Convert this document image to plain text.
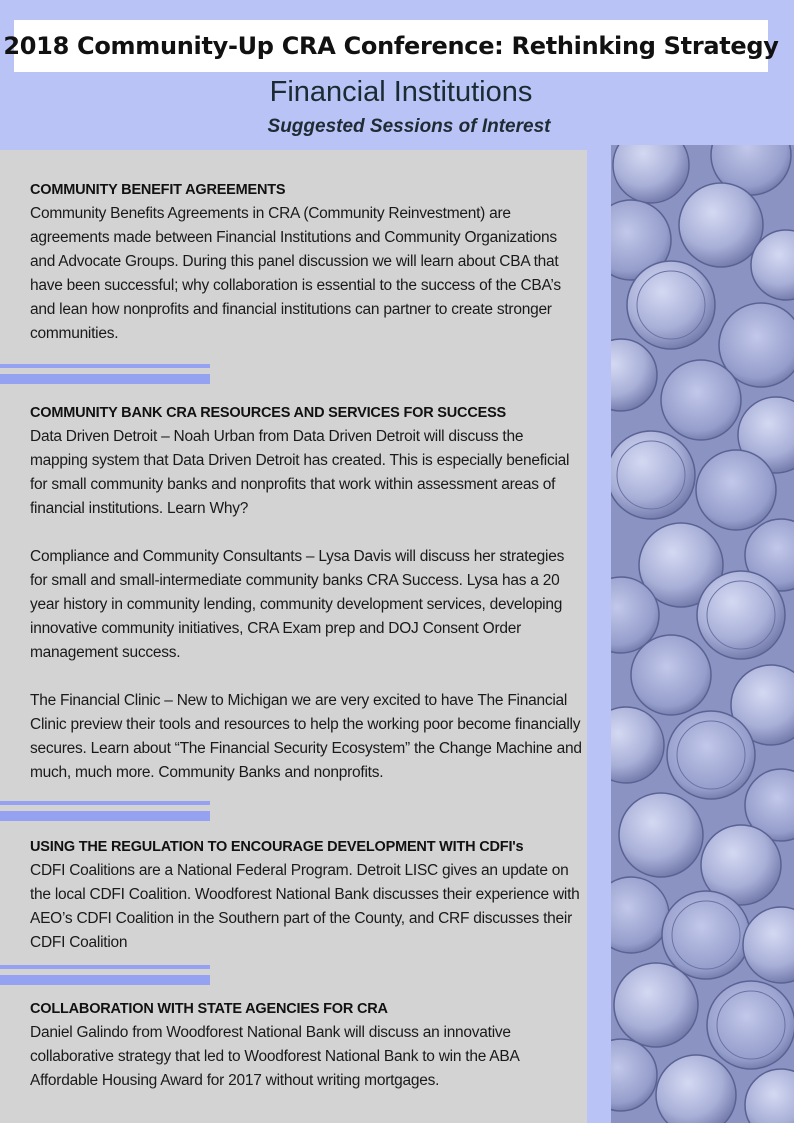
2018 Community-Up CRA Conference: Rethinking Strategy
Financial Institutions
Suggested Sessions of Interest

COMMUNITY BENEFIT AGREEMENTS

Community Benefits Agreements in CRA (Community Reinvestment) are agreements made between Financial Institutions and Community Organizations and Advocate Groups. During this panel discussion we will learn about CBA that have been successful; why collaboration is essential to the success of the CBA’s and lean how nonprofits and financial institutions can partner to create stronger communities.

COMMUNITY BANK CRA RESOURCES AND SERVICES FOR SUCCESS

Data Driven Detroit – Noah Urban from Data Driven Detroit will discuss the mapping system that Data Driven Detroit has created. This is especially beneficial for small community banks and nonprofits that work within assessment areas of financial institutions. Learn Why?

Compliance and Community Consultants – Lysa Davis will discuss her strategies for small and small-intermediate community banks CRA Success. Lysa has a 20 year history in community lending, community development services, developing innovative community initiatives, CRA Exam prep and DOJ Consent Order management success.

The Financial Clinic – New to Michigan we are very excited to have The Financial Clinic preview their tools and resources to help the working poor become financially secures. Learn about “The Financial Security Ecosystem” the Change Machine and much, much more. Community Banks and nonprofits.

USING THE REGULATION TO ENCOURAGE DEVELOPMENT WITH CDFI's

CDFI Coalitions are a National Federal Program. Detroit LISC gives an update on the local CDFI Coalition. Woodforest National Bank discusses their experience with AEO’s CDFI Coalition in the Southern part of the County, and CRF discusses their CDFI Coalition

COLLABORATION WITH STATE AGENCIES FOR CRA

Daniel Galindo from Woodforest National Bank will discuss an innovative collaborative strategy that led to Woodforest National Bank to win the ABA Affordable Housing Award for 2017 without writing mortgages.
